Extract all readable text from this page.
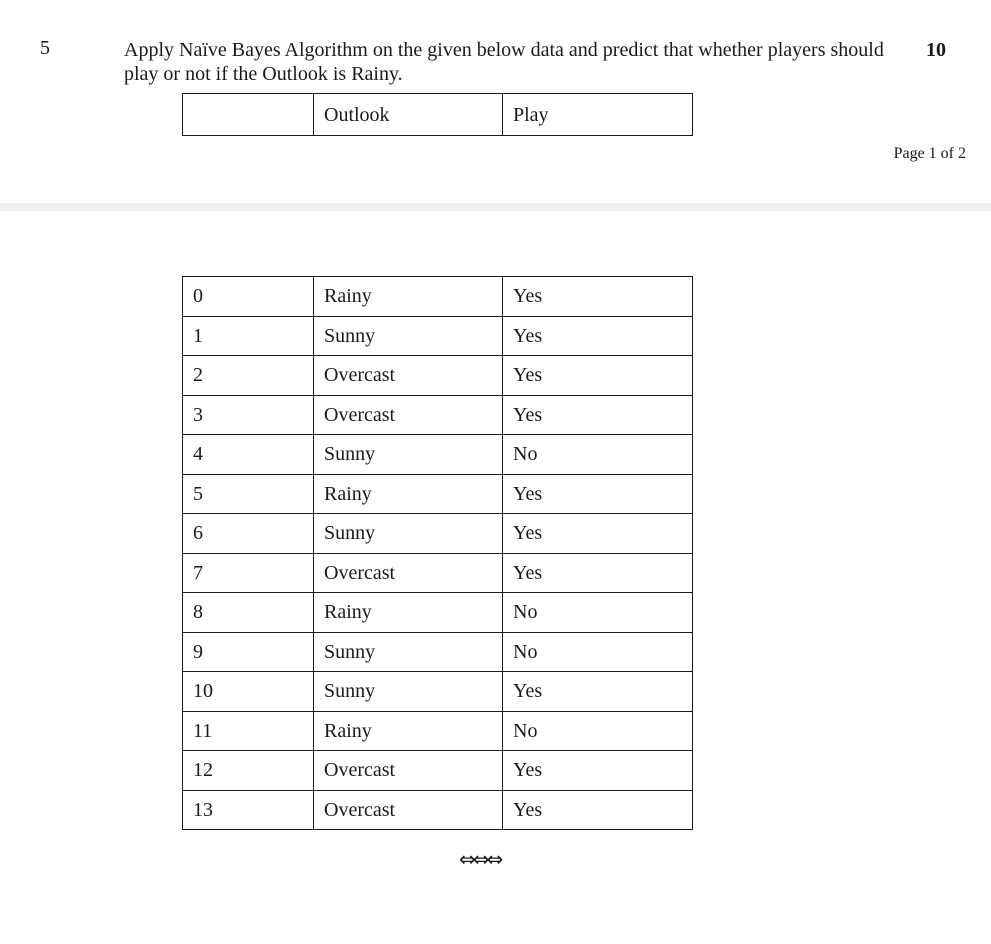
5	Apply Naïve Bayes Algorithm on the given below data and predict that whether players should play or not if the Outlook is Rainy.
10
	Outlook	Play
Page 1 of 2
0	Rainy	Yes
1	Sunny	Yes
2	Overcast	Yes
3	Overcast	Yes
4	Sunny	No
5	Rainy	Yes
6	Sunny	Yes
7	Overcast	Yes
8	Rainy	No
9	Sunny	No
10	Sunny	Yes
11	Rainy	No
12	Overcast	Yes
13	Overcast	Yes
⇔⇔⇔
